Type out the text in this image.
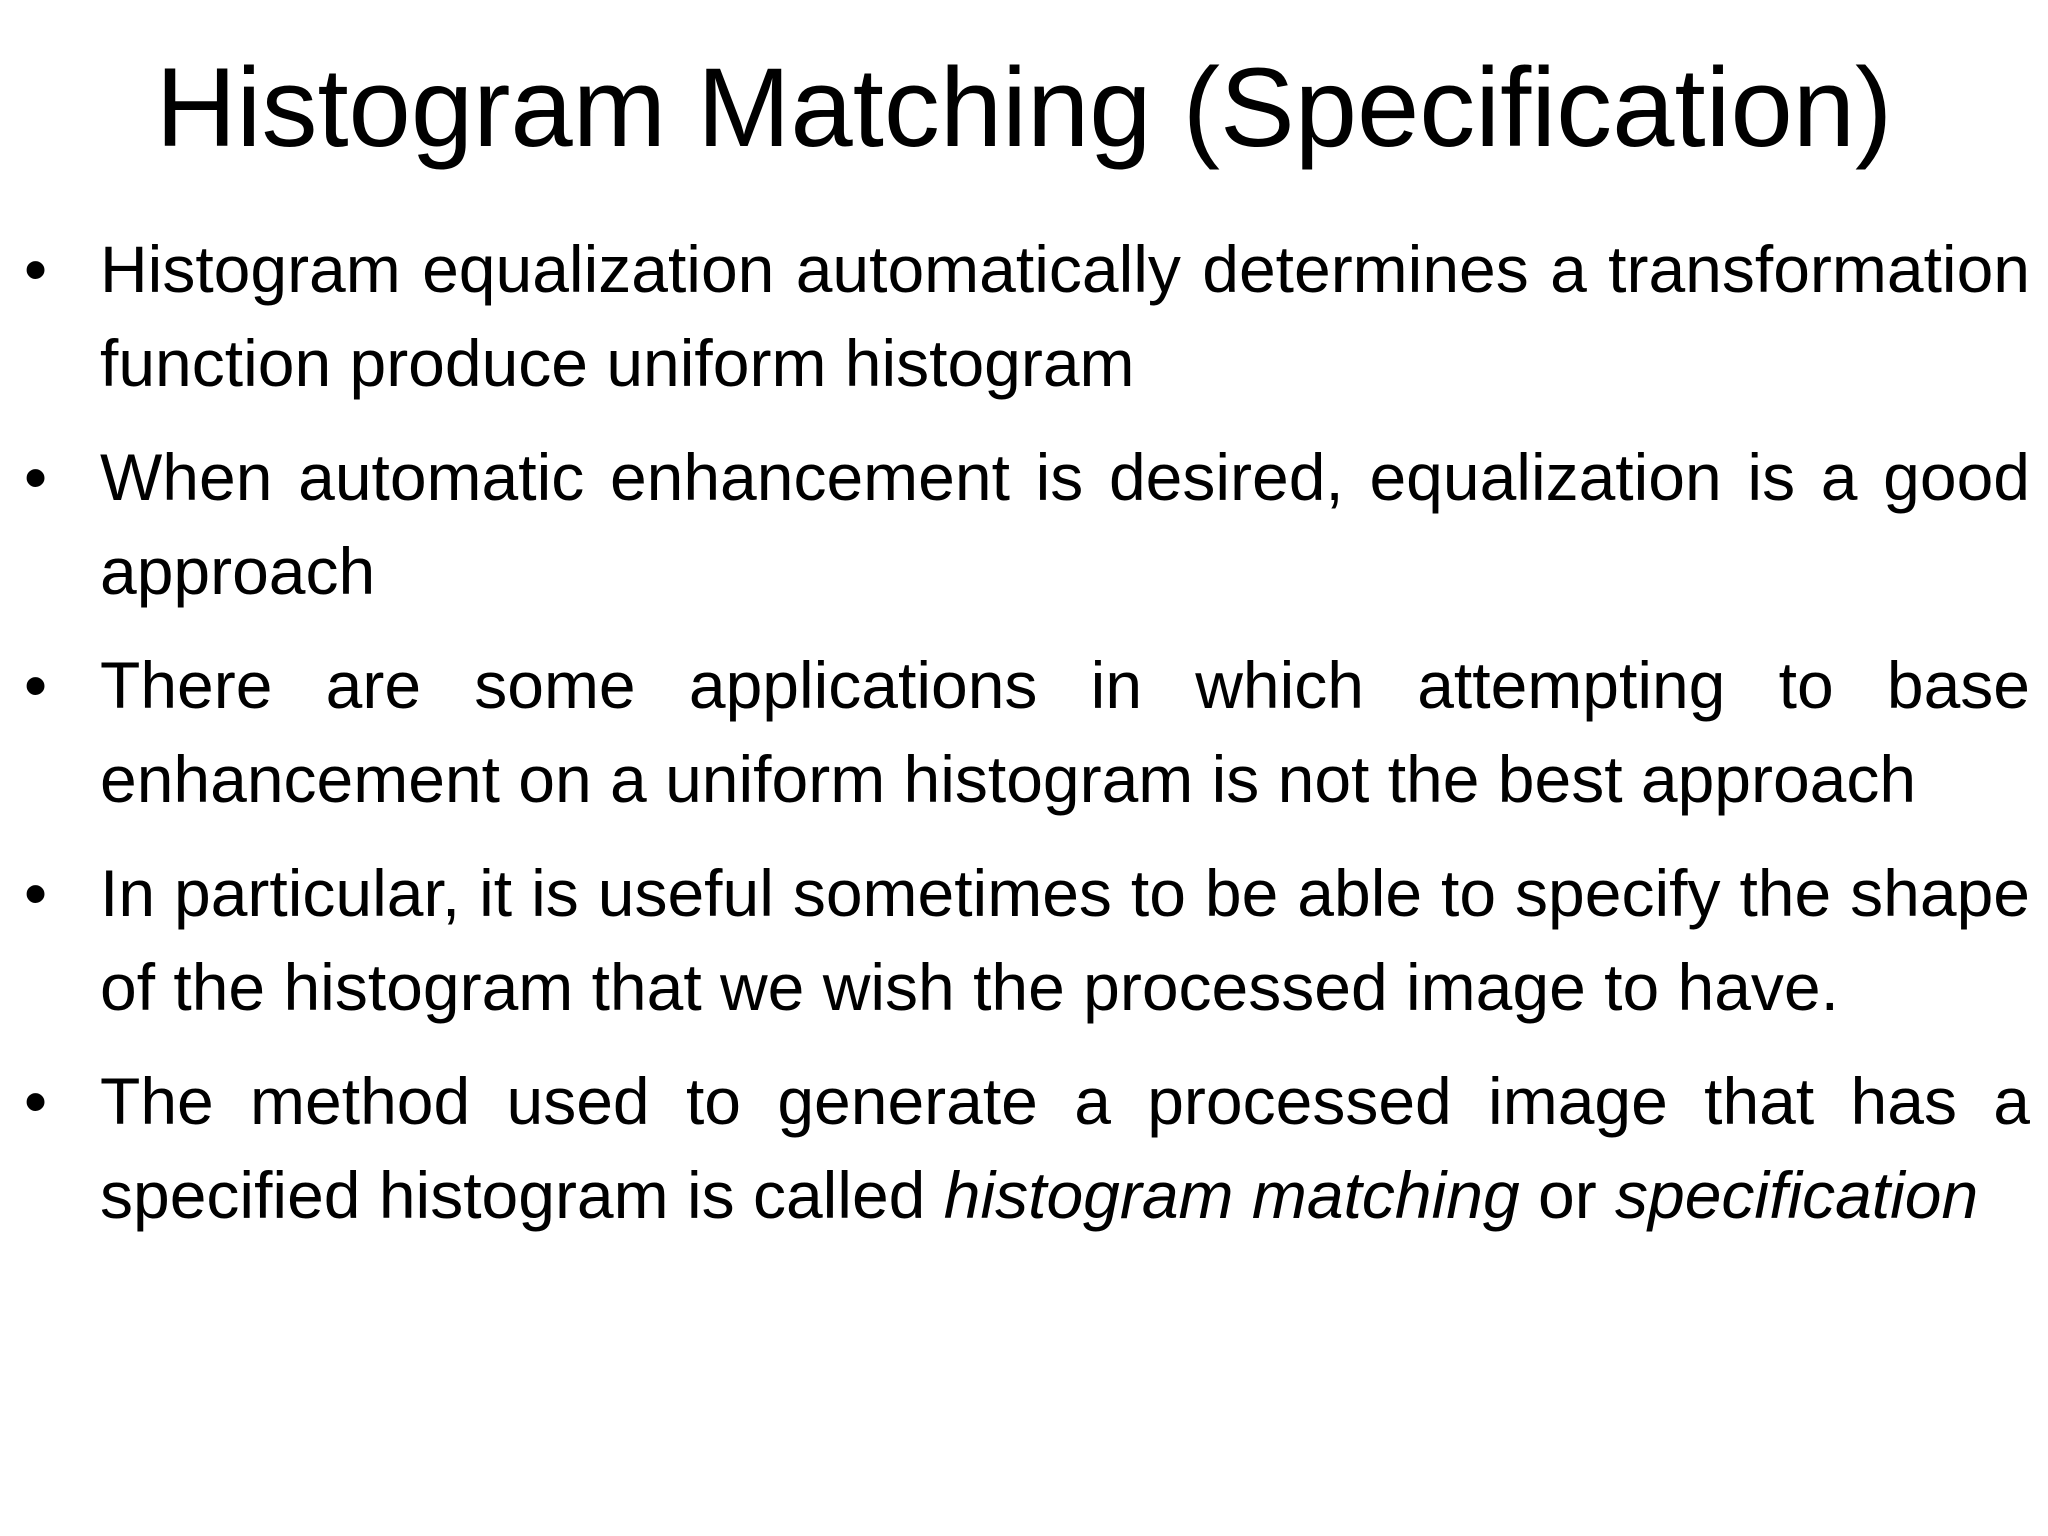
Histogram Matching (Specification)
• Histogram equalization automatically determines a transformation function produce uniform histogram
• When automatic enhancement is desired, equalization is a good approach
• There are some applications in which attempting to base enhancement on a uniform histogram is not the best approach
• In particular, it is useful sometimes to be able to specify the shape of the histogram that we wish the processed image to have.
• The method used to generate a processed image that has a specified histogram is called histogram matching or specification
